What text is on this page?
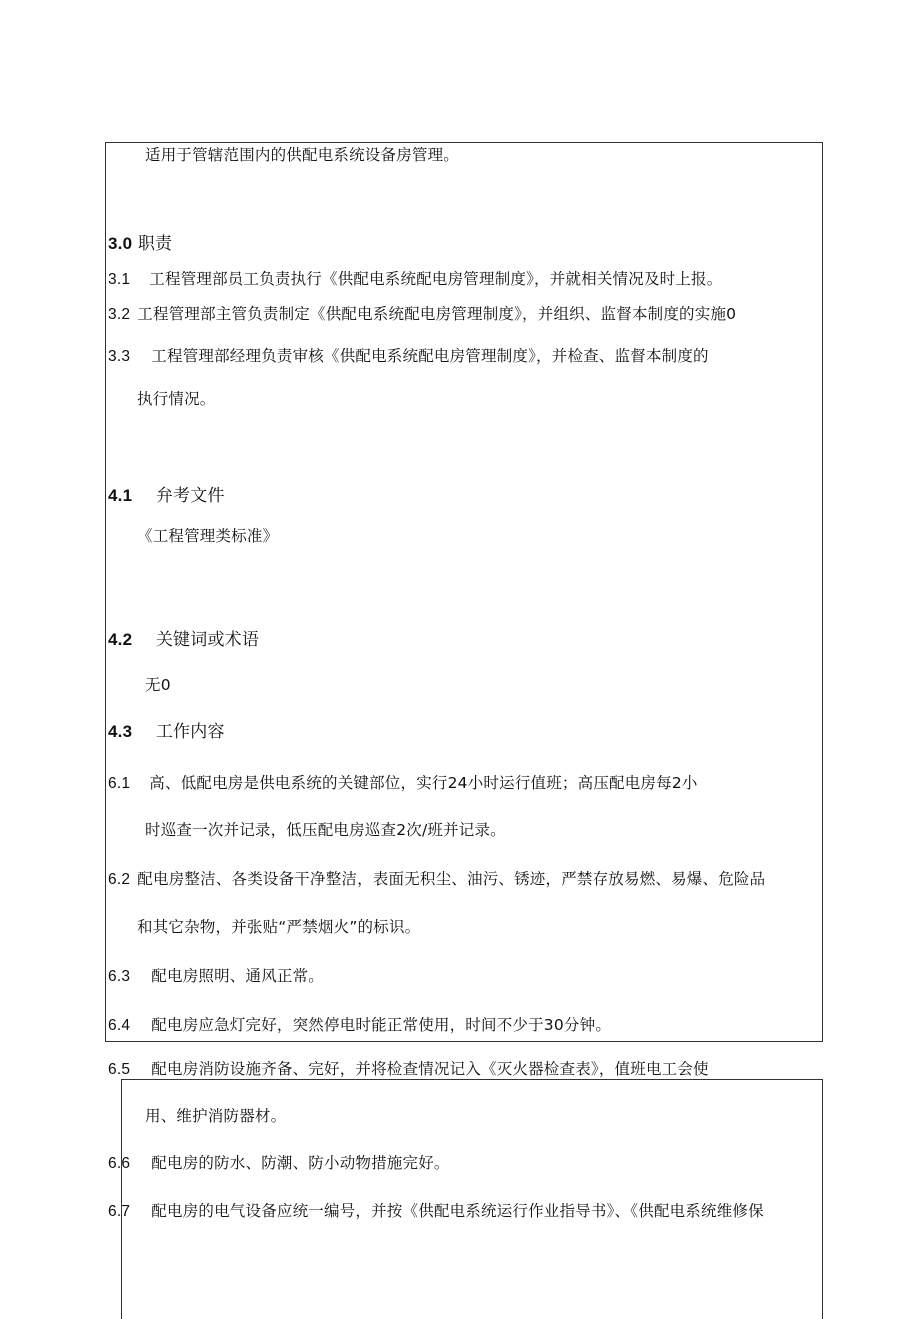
适用于管辖范围内的供配电系统设备房管理。
3.0 职责
3.1 工程管理部员工负责执行《供配电系统配电房管理制度》，并就相关情况及时上报。
3.2 工程管理部主管负责制定《供配电系统配电房管理制度》，并组织、监督本制度的实施0
3.3 工程管理部经理负责审核《供配电系统配电房管理制度》，并检查、监督本制度的
执行情况。
4.1 弁考文件
《工程管理类标准》
4.2 关键词或术语
无0
4.3 工作内容
6.1 高、低配电房是供电系统的关键部位，实行24小时运行值班；高压配电房每2小
时巡查一次并记录，低压配电房巡查2次/班并记录。
6.2 配电房整洁、各类设备干净整洁，表面无积尘、油污、锈迹，严禁存放易燃、易爆、危险品
和其它杂物，并张贴“严禁烟火”的标识。
6.3 配电房照明、通风正常。
6.4 配电房应急灯完好，突然停电时能正常使用，时间不少于30分钟。
6.5 配电房消防设施齐备、完好，并将检查情况记入《灭火器检查表》，值班电工会使
用、维护消防器材。
6.6 配电房的防水、防潮、防小动物措施完好。
6.7 配电房的电气设备应统一编号，并按《供配电系统运行作业指导书》、《供配电系统维修保
